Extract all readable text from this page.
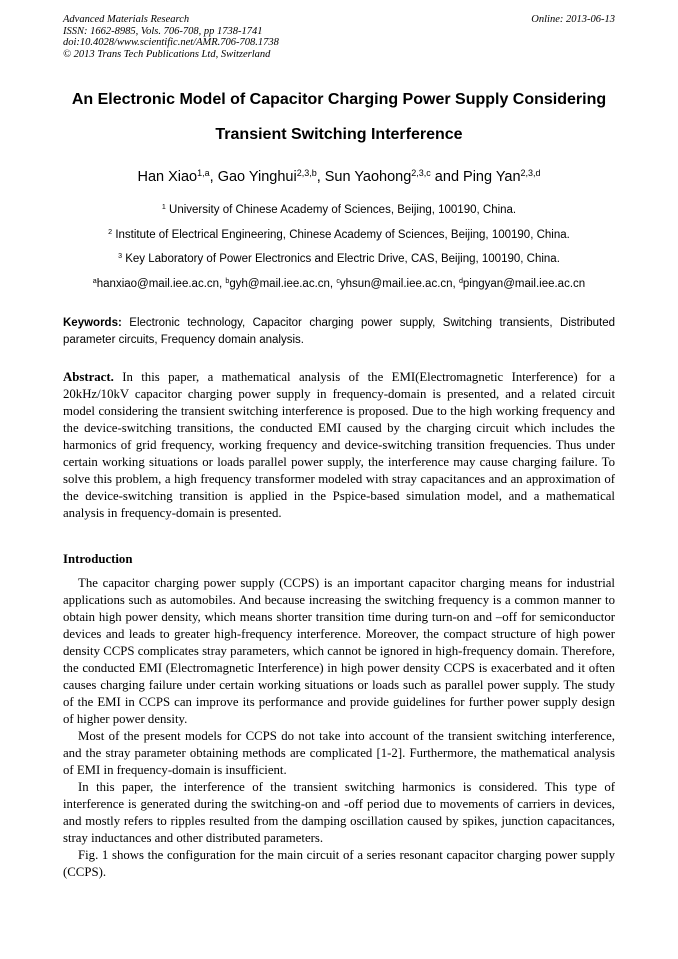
Advanced Materials Research
ISSN: 1662-8985, Vols. 706-708, pp 1738-1741
doi:10.4028/www.scientific.net/AMR.706-708.1738
© 2013 Trans Tech Publications Ltd, Switzerland
Online: 2013-06-13
An Electronic Model of Capacitor Charging Power Supply Considering
Transient Switching Interference
Han Xiao$^{1,a}$, Gao Yinghui$^{2,3,b}$, Sun Yaohong$^{2,3,c}$ and Ping Yan$^{2,3,d}$
$^1$ University of Chinese Academy of Sciences, Beijing, 100190, China.
$^2$ Institute of Electrical Engineering, Chinese Academy of Sciences, Beijing, 100190, China.
$^3$ Key Laboratory of Power Electronics and Electric Drive, CAS, Beijing, 100190, China.
$^a$hanxiao@mail.iee.ac.cn, $^b$gyh@mail.iee.ac.cn, $^c$yhsun@mail.iee.ac.cn, $^d$pingyan@mail.iee.ac.cn
Keywords: Electronic technology, Capacitor charging power supply, Switching transients, Distributed parameter circuits, Frequency domain analysis.
Abstract. In this paper, a mathematical analysis of the EMI(Electromagnetic Interference) for a 20kHz/10kV capacitor charging power supply in frequency-domain is presented, and a related circuit model considering the transient switching interference is proposed. Due to the high working frequency and the device-switching transitions, the conducted EMI caused by the charging circuit which includes the harmonics of grid frequency, working frequency and device-switching transition frequencies. Thus under certain working situations or loads parallel power supply, the interference may cause charging failure. To solve this problem, a high frequency transformer modeled with stray capacitances and an approximation of the device-switching transition is applied in the Pspice-based simulation model, and a mathematical analysis in frequency-domain is presented.
Introduction

The capacitor charging power supply (CCPS) is an important capacitor charging means for industrial applications such as automobiles. And because increasing the switching frequency is a common manner to obtain high power density, which means shorter transition time during turn-on and –off for semiconductor devices and leads to greater high-frequency interference. Moreover, the compact structure of high power density CCPS complicates stray parameters, which cannot be ignored in high-frequency domain. Therefore, the conducted EMI (Electromagnetic Interference) in high power density CCPS is exacerbated and it often causes charging failure under certain working situations or loads such as parallel power supply. The study of the EMI in CCPS can improve its performance and provide guidelines for further power supply design of higher power density.

Most of the present models for CCPS do not take into account of the transient switching interference, and the stray parameter obtaining methods are complicated [1-2]. Furthermore, the mathematical analysis of EMI in frequency-domain is insufficient.

In this paper, the interference of the transient switching harmonics is considered. This type of interference is generated during the switching-on and -off period due to movements of carriers in devices, and mostly refers to ripples resulted from the damping oscillation caused by spikes, junction capacitances, stray inductances and other distributed parameters.

Fig. 1 shows the configuration for the main circuit of a series resonant capacitor charging power supply (CCPS).
